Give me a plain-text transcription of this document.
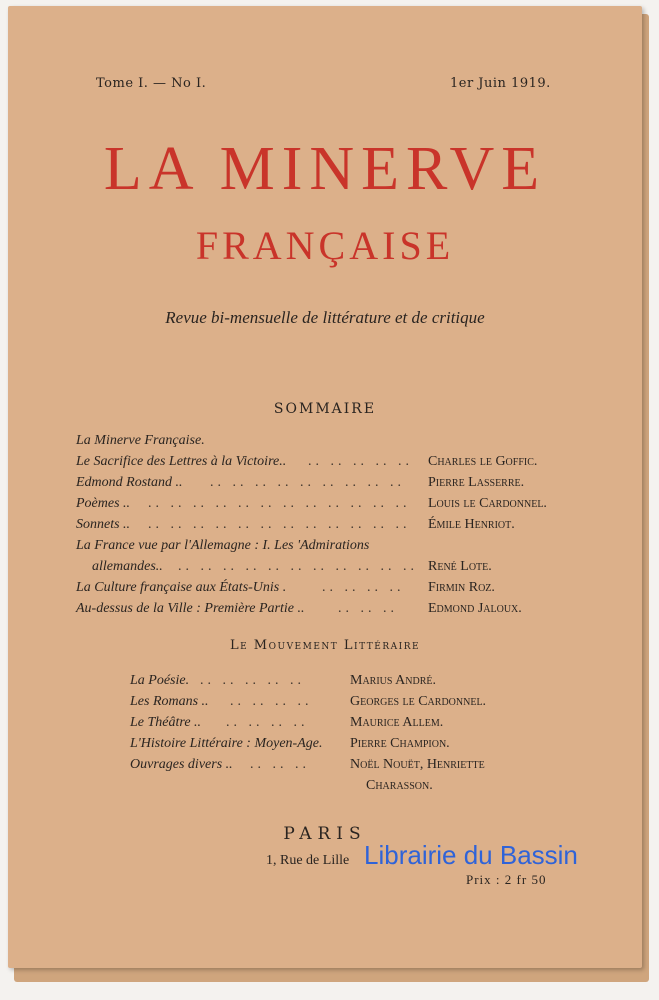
Tome I. — No I.	1er Juin 1919.
LA MINERVE
FRANÇAISE
Revue bi-mensuelle de littérature et de critique
SOMMAIRE
La Minerve Française.
Le Sacrifice des Lettres à la Victoire.. .. .. .. .. ..	Charles le Goffic.
Edmond Rostand .. .. .. .. .. .. .. .. .. ..	Pierre Lasserre.
Poèmes .. .. .. .. .. .. .. .. .. .. .. .. ..	Louis le Cardonnel.
Sonnets .. .. .. .. .. .. .. .. .. .. .. .. ..	Émile Henriot.
La France vue par l'Allemagne : I. Les 'Admirations
allemandes.. .. .. .. .. .. .. .. .. .. .. .. René Lote.
La Culture française aux États-Unis .	.. .. .. ..	Firmin Roz.
Au-dessus de la Ville : Première Partie .. .. .. ..	Edmond Jaloux.
Le Mouvement Littéraire
La Poésie. .. .. .. .. ..	Marius André.
Les Romans .. .. .. .. ..	Georges le Cardonnel.
Le Théâtre .. .. .. .. ..	Maurice Allem.
L'Histoire Littéraire : Moyen-Age. Pierre Champion.
Ouvrages divers .. .. .. ..	Noël Nouët, Henriette
Charasson.
PARIS
1, Rue de Lille
Prix : 2 fr 50
Librairie du Bassin
